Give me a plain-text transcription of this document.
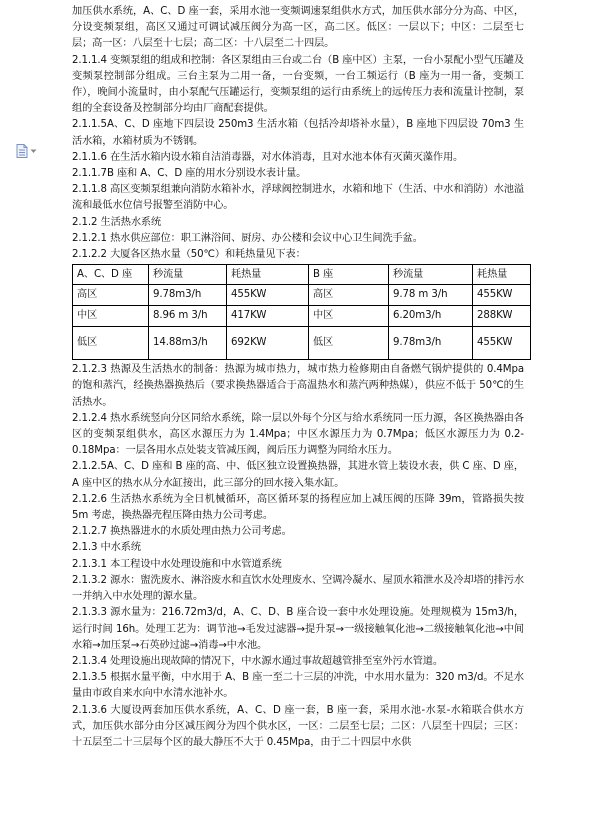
加压供水系统，A、C、D 座一套，采用水池一变频调速泵组供水方式，加压供水部分分为高、中区，分设变频泵组，高区又通过可调试减压阀分为高一区，高二区。低区：一层以下；中区：二层至七层；高一区：八层至十七层；高二区：十八层至二十四层。

2.1.1.4 变频泵组的组成和控制：各区泵组由三台或二台（B 座中区）主泵，一台小泵配小型气压罐及变频泵控制部分组成。三台主泵为二用一备，一台变频，一台工频运行（B 座为一用一备，变频工作），晚间小流量时，由小泵配气压罐运行，变频泵组的运行由系统上的远传压力表和流量计控制，泵组的全套设备及控制部分均由厂商配套提供。

2.1.1.5A、C、D 座地下四层设 250m3 生活水箱（包括冷却塔补水量），B 座地下四层设 70m3 生活水箱，水箱材质为不锈钢。

2.1.1.6 在生活水箱内设水箱自洁消毒器，对水体消毒，且对水池本体有灭菌灭藻作用。

2.1.1.7B 座和 A、C、D 座的用水分别设水表计量。

2.1.1.8 高区变频泵组兼向消防水箱补水，浮球阀控制进水，水箱和地下（生活、中水和消防）水池溢流和最低水位信号报警至消防中心。

2.1.2 生活热水系统

2.1.2.1 热水供应部位：职工淋浴间、厨房、办公楼和会议中心卫生间洗手盆。

2.1.2.2 大厦各区热水量（50℃）和耗热量见下表：

A、C、D 座	秒流量	耗热量	B 座	秒流量	耗热量
高区	9.78m3/h	455KW	高区	9.78 m 3/h	455KW
中区	8.96 m 3/h	417KW	中区	6.20m3/h	288KW
低区	14.88m3/h	692KW	低区	9.78m3/h	455KW

2.1.2.3 热源及生活热水的制备：热源为城市热力，城市热力检修期由自备燃气锅炉提供的 0.4Mpa 的饱和蒸汽，经换热器换热后（要求换热器适合于高温热水和蒸汽两种热媒），供应不低于 50℃的生活热水。

2.1.2.4 热水系统竖向分区同给水系统，除一层以外每个分区与给水系统同一压力源，各区换热器由各区的变频泵组供水，高区水源压力为 1.4Mpa；中区水源压力为 0.7Mpa；低区水源压力为 0.2-0.18Mpa：一层各用水点处装支管减压阀，阀后压力调整为同给水压力。

2.1.2.5A、C、D 座和 B 座的高、中、低区独立设置换热器，其进水管上装设水表，供 C 座、D 座，A 座中区的热水从分水缸接出，此三部分的回水接入集水缸。

2.1.2.6 生活热水系统为全日机械循环，高区循环泵的扬程应加上减压阀的压降 39m，管路损失按 5m 考虑，换热器壳程压降由热力公司考虑。

2.1.2.7 换热器进水的水质处理由热力公司考虑。

2.1.3 中水系统

2.1.3.1 本工程设中水处理设施和中水管道系统

2.1.3.2 源水：盥洗废水、淋浴废水和直饮水处理废水、空调冷凝水、屋顶水箱泄水及冷却塔的排污水一并纳入中水处理的源水量。

2.1.3.3 源水量为：216.72m3/d，A、C、D、B 座合设一套中水处理设施。处理规模为 15m3/h，运行时间 16h。处理工艺为：调节池→毛发过滤器→提升泵→一级接触氧化池→二级接触氧化池→中间水箱→加压泵→石英砂过滤→消毒→中水池。

2.1.3.4 处理设施出现故障的情况下，中水源水通过事故超越管排至室外污水管道。

2.1.3.5 根据水量平衡，中水用于 A、B 座一至二十三层的冲洗，中水用水量为：320 m3/d。不足水量由市政自来水向中水清水池补水。

2.1.3.6 大厦设两套加压供水系统，A、C、D 座一套，B 座一套，采用水池-水泵-水箱联合供水方式，加压供水部分由分区减压阀分为四个供水区，一区：二层至七层；二区：八层至十四层；三区：十五层至二十三层每个区的最大静压不大于 0.45Mpa，由于二十四层中水供
